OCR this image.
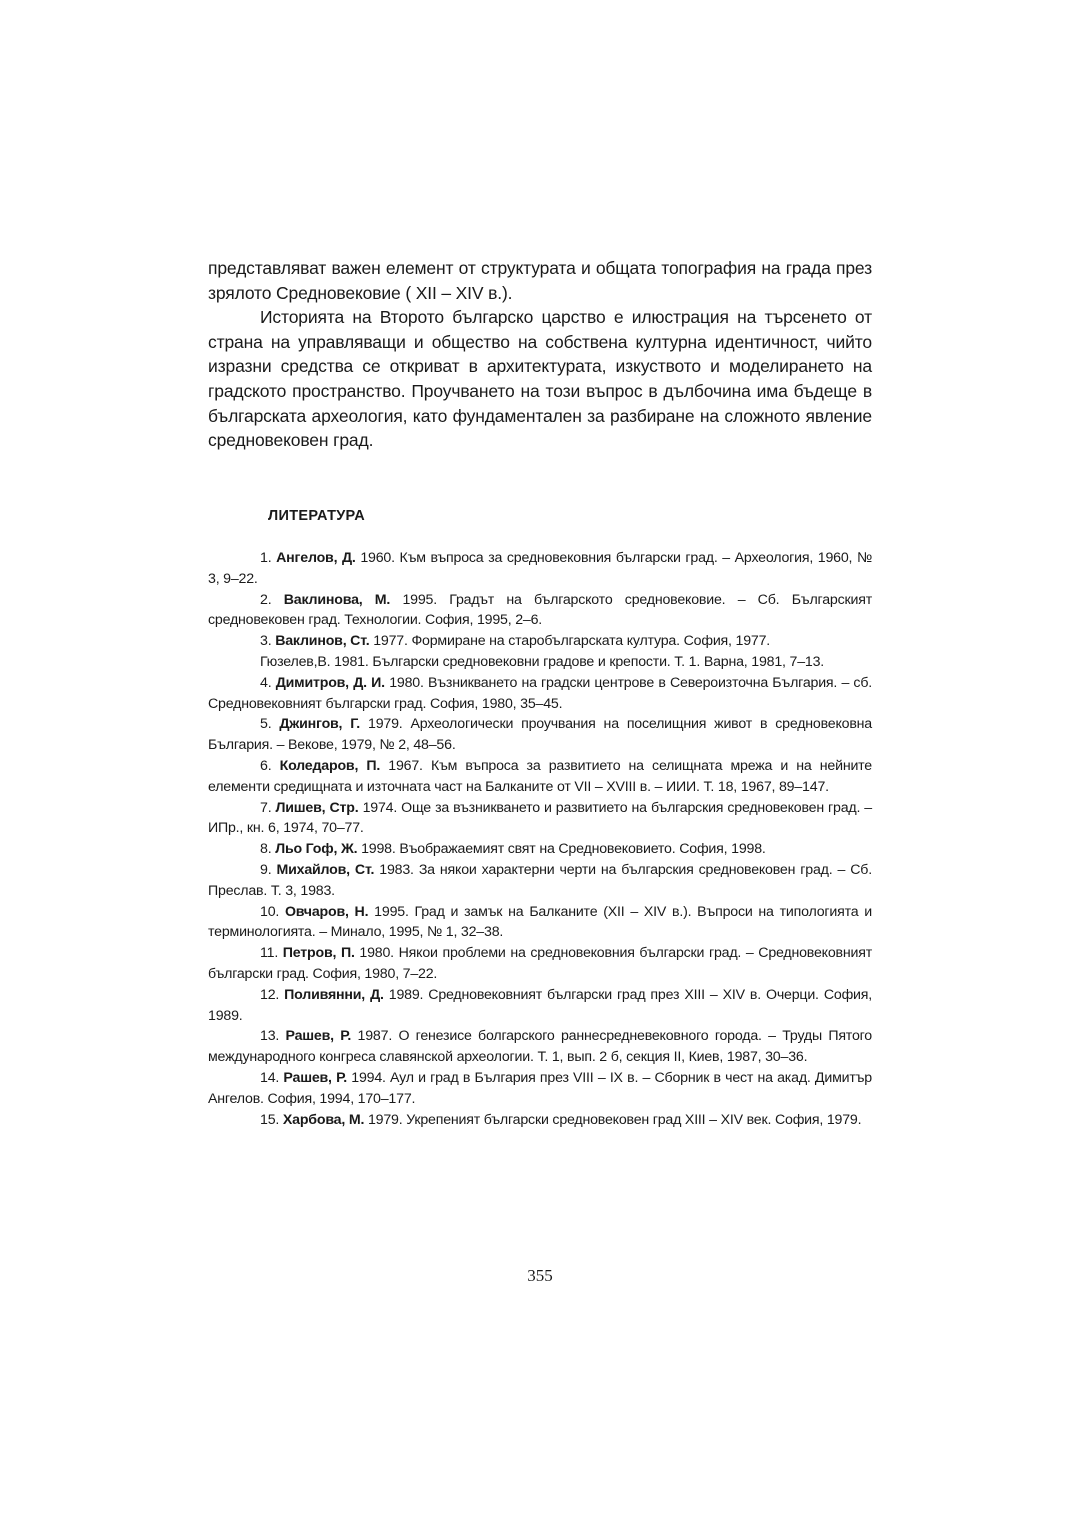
представляват важен елемент от структурата и общата топография на града през зрялото Средновековие ( XII – XIV в.).

Историята на Второто българско царство е илюстрация на търсенето от страна на управляващи и общество на собствена културна идентичност, чийто изразни средства се откриват в архитектурата, изкуството и моделирането на градското пространство. Проучването на този въпрос в дълбочина има бъдеще в българската археология, като фундаментален за разбиране на сложното явление средновековен град.

ЛИТЕРАТУРА

1. Ангелов, Д. 1960. Към въпроса за средновековния български град. – Археология, 1960, № 3, 9–22.

2. Ваклинова, М. 1995. Градът на българското средновековие. – Сб. Българският средновековен град. Технологии. София, 1995, 2–6.

3. Ваклинов, Ст. 1977. Формиране на старобългарската култура. София, 1977.

Гюзелев,В. 1981. Български средновековни градове и крепости. Т. 1. Варна, 1981, 7–13.

4. Димитров, Д. И. 1980. Възникването на градски центрове в Североизточна България. – сб. Средновековният български град. София, 1980, 35–45.

5. Джингов, Г. 1979. Археологически проучвания на поселищния живот в средновековна България. – Векове, 1979, № 2, 48–56.

6. Коледаров, П. 1967. Към въпроса за развитието на селищната мрежа и на нейните елементи средищната и източната част на Балканите от VII – XVIII в. – ИИИ. Т. 18, 1967, 89–147.

7. Лишев, Стр. 1974. Още за възникването и развитието на българския средновековен град. – ИПр., кн. 6, 1974, 70–77.

8. Льо Гоф, Ж. 1998. Въображаемият свят на Средновековието. София, 1998.

9. Михайлов, Ст. 1983. За някои характерни черти на българския средновековен град. – Сб. Преслав. Т. 3, 1983.

10. Овчаров, Н. 1995. Град и замък на Балканите (XII – XIV в.). Въпроси на типологията и терминологията. – Минало, 1995, № 1, 32–38.

11. Петров, П. 1980. Някои проблеми на средновековния български град. – Средновековният български град. София, 1980, 7–22.

12. Поливянни, Д. 1989. Средновековният български град през XIII – XIV в. Очерци. София, 1989.

13. Рашев, Р. 1987. О генезисе болгарского раннесредневековного города. – Труды Пятого международного конгреса славянской археологии. Т. 1, вып. 2 б, секция II, Киев, 1987, 30–36.

14. Рашев, Р. 1994. Аул и град в България през VIII – IX в. – Сборник в чест на акад. Димитър Ангелов. София, 1994, 170–177.

15. Харбова, М. 1979. Укрепеният български средновековен град XIII – XIV век. София, 1979.

355
